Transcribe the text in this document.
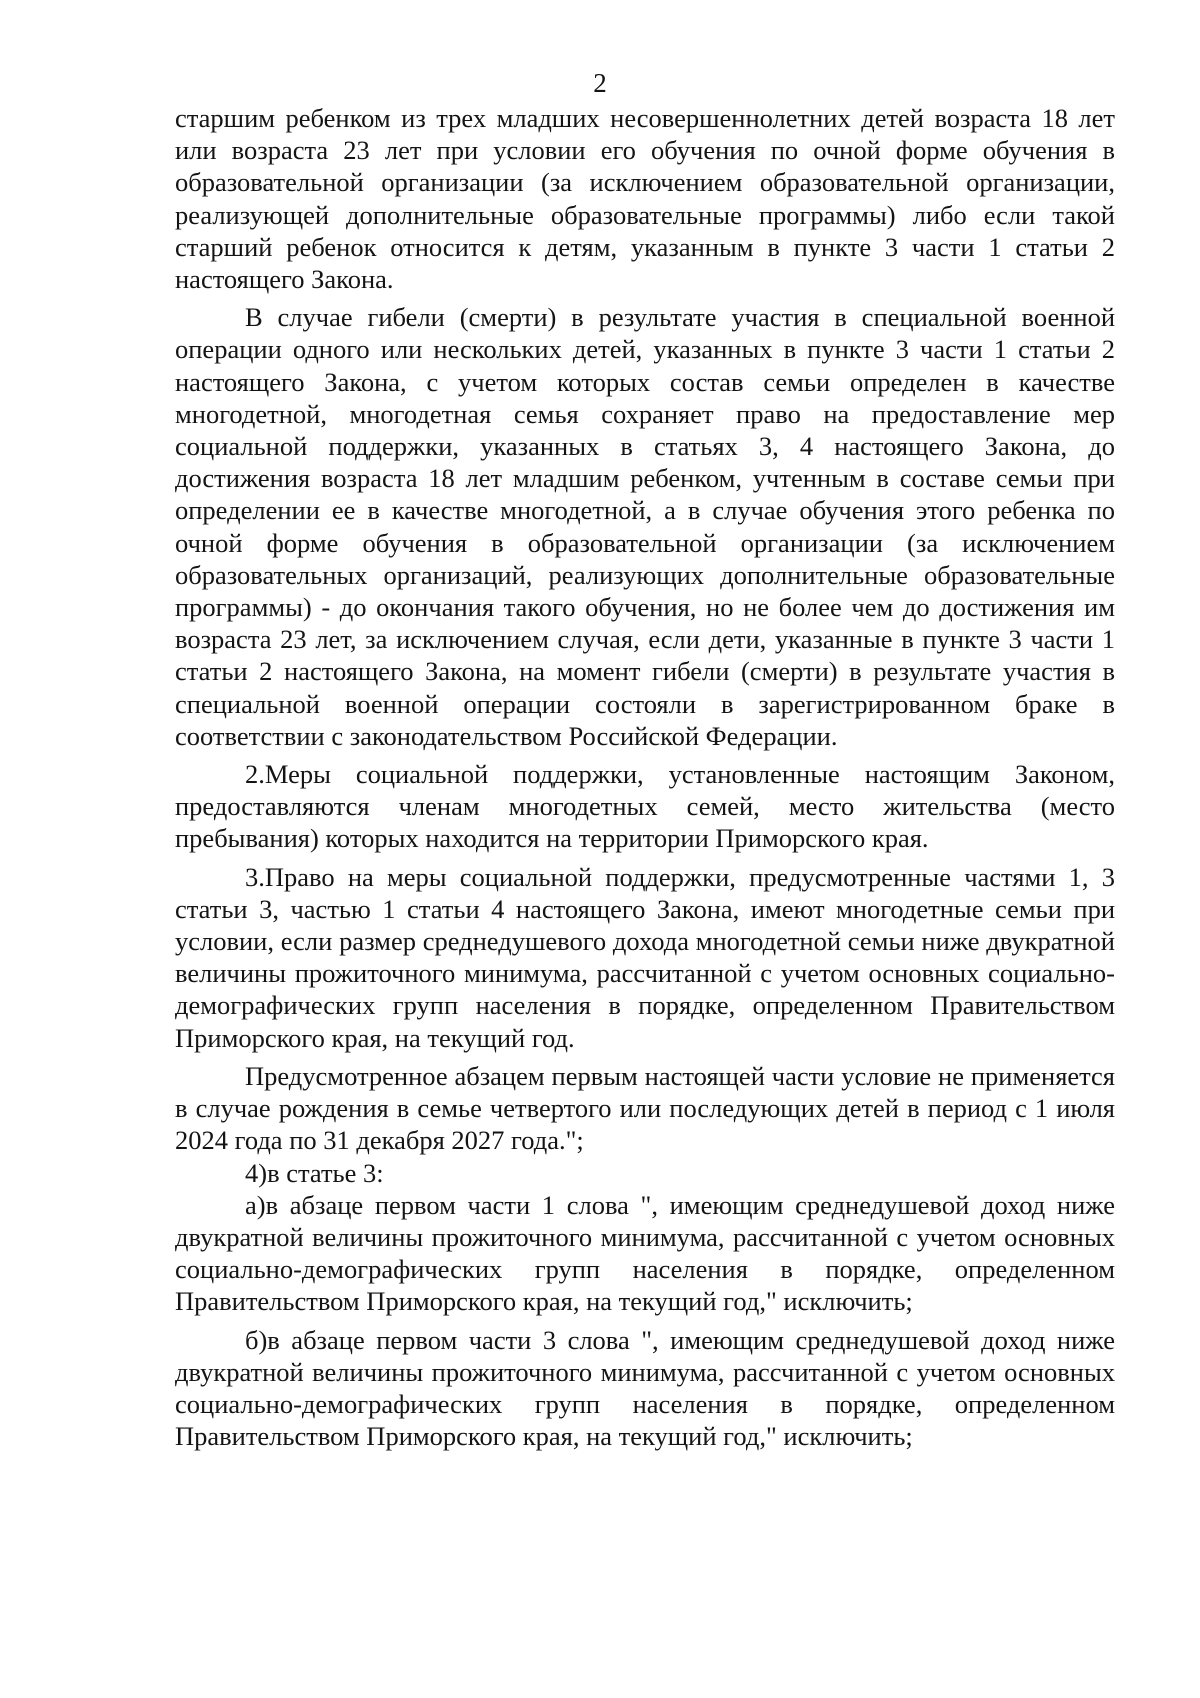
2

старшим ребенком из трех младших несовершеннолетних детей возраста 18 лет или возраста 23 лет при условии его обучения по очной форме обучения в образовательной организации (за исключением образовательной организации, реализующей дополнительные образовательные программы) либо если такой старший ребенок относится к детям, указанным в пункте 3 части 1 статьи 2 настоящего Закона.

В случае гибели (смерти) в результате участия в специальной военной операции одного или нескольких детей, указанных в пункте 3 части 1 статьи 2 настоящего Закона, с учетом которых состав семьи определен в качестве многодетной, многодетная семья сохраняет право на предоставление мер социальной поддержки, указанных в статьях 3, 4 настоящего Закона, до достижения возраста 18 лет младшим ребенком, учтенным в составе семьи при определении ее в качестве многодетной, а в случае обучения этого ребенка по очной форме обучения в образовательной организации (за исключением образовательных организаций, реализующих дополнительные образовательные программы) - до окончания такого обучения, но не более чем до достижения им возраста 23 лет, за исключением случая, если дети, указанные в пункте 3 части 1 статьи 2 настоящего Закона, на момент гибели (смерти) в результате участия в специальной военной операции состояли в зарегистрированном браке в соответствии с законодательством Российской Федерации.

2.Меры социальной поддержки, установленные настоящим Законом, предоставляются членам многодетных семей, место жительства (место пребывания) которых находится на территории Приморского края.

3.Право на меры социальной поддержки, предусмотренные частями 1, 3 статьи 3, частью 1 статьи 4 настоящего Закона, имеют многодетные семьи при условии, если размер среднедушевого дохода многодетной семьи ниже двукратной величины прожиточного минимума, рассчитанной с учетом основных социально-демографических групп населения в порядке, определенном Правительством Приморского края, на текущий год.

Предусмотренное абзацем первым настоящей части условие не применяется в случае рождения в семье четвертого или последующих детей в период с 1 июля 2024 года по 31 декабря 2027 года.";

4)в статье 3:

а)в абзаце первом части 1 слова ", имеющим среднедушевой доход ниже двукратной величины прожиточного минимума, рассчитанной с учетом основных социально-демографических групп населения в порядке, определенном Правительством Приморского края, на текущий год," исключить;

б)в абзаце первом части 3 слова ", имеющим среднедушевой доход ниже двукратной величины прожиточного минимума, рассчитанной с учетом основных социально-демографических групп населения в порядке, определенном Правительством Приморского края, на текущий год," исключить;
